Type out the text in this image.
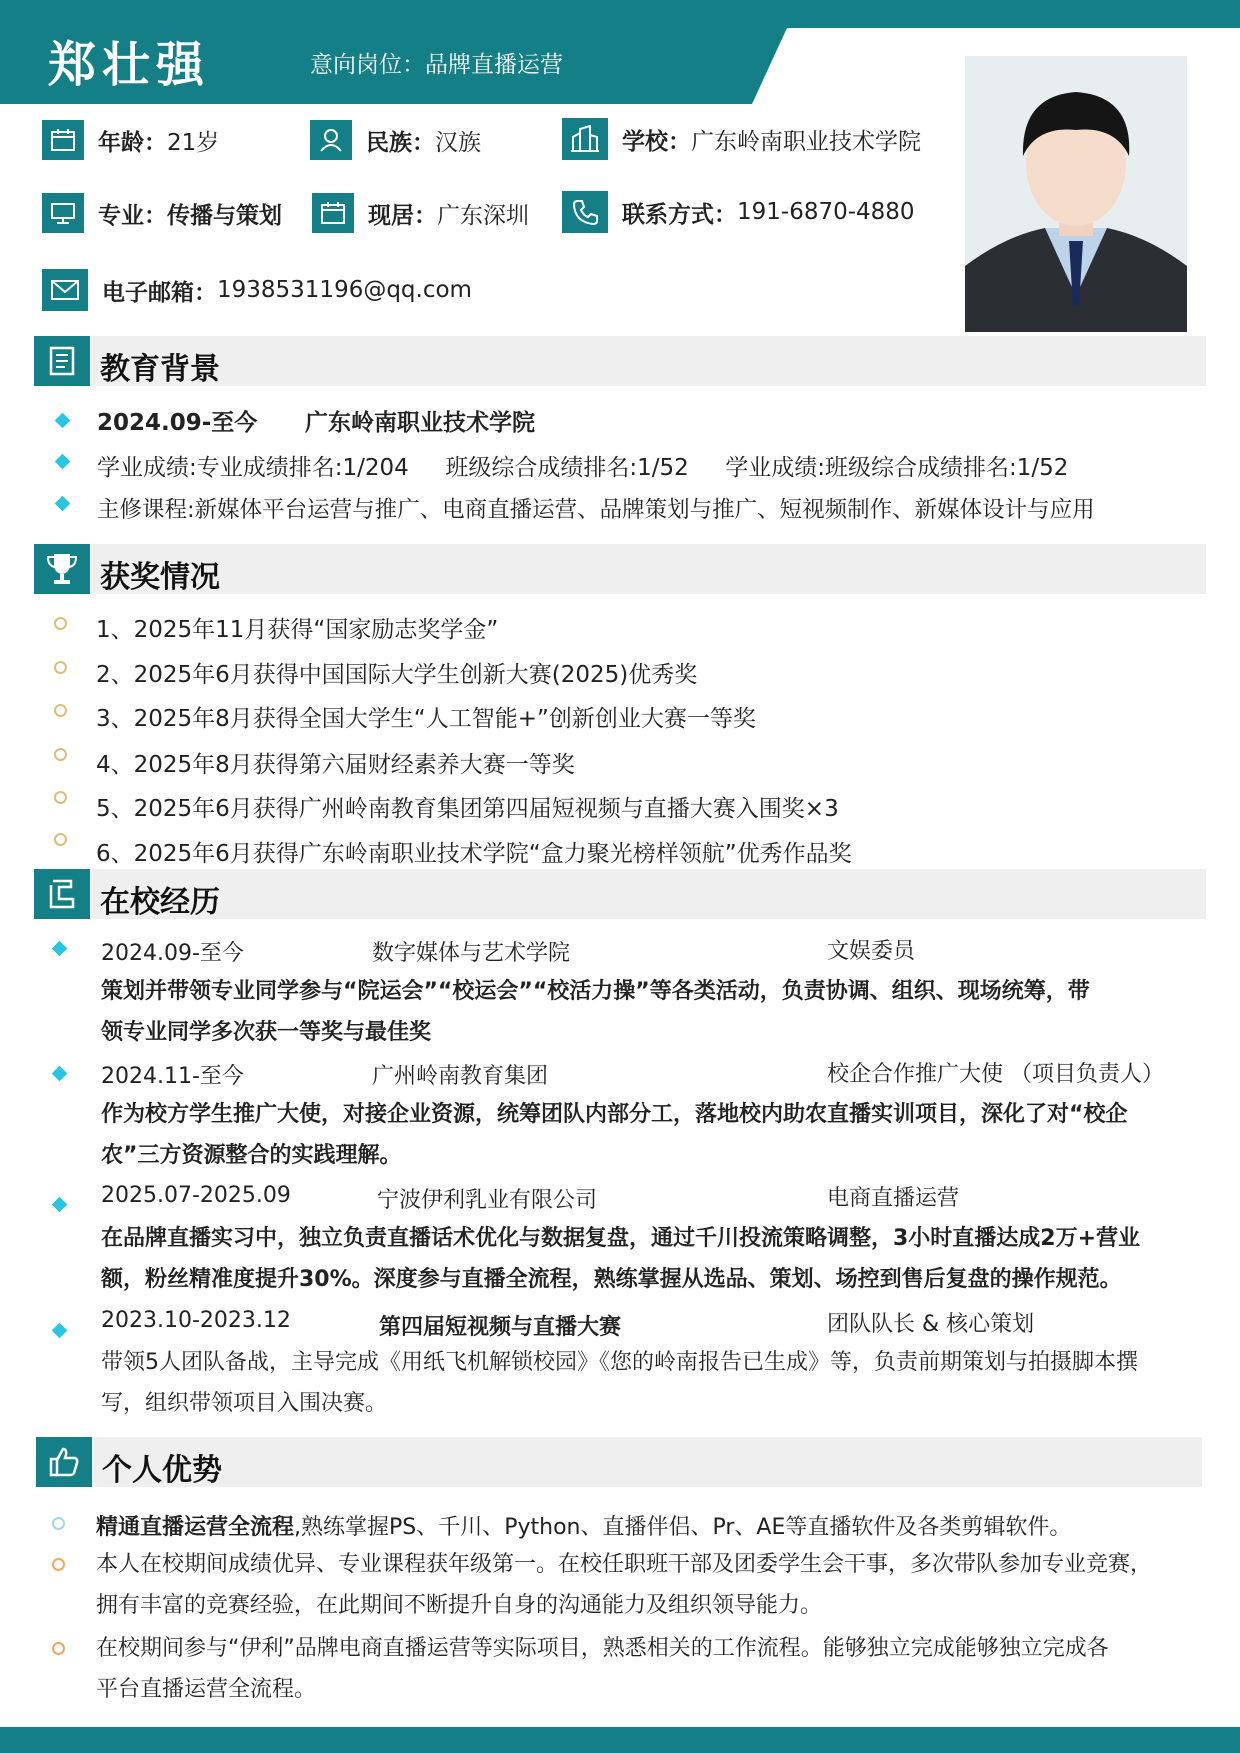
郑壮强	意向岗位：品牌直播运营
年龄： 21岁	民族： 汉族	学校： 广东岭南职业技术学院
专业： 传播与策划	现居： 广东深圳	联系方式： 191-6870-4880
电子邮箱： 1938531196@qq.com
教育背景
2024.09-至今 广东岭南职业技术学院
学业成绩:专业成绩排名:1/204     班级综合成绩排名:1/52     学业成绩:班级综合成绩排名:1/52
主修课程:新媒体平台运营与推广、电商直播运营、品牌策划与推广、短视频制作、新媒体设计与应用
获奖情况
1、2025年11月获得“国家励志奖学金”
2、2025年6月获得中国国际大学生创新大赛(2025)优秀奖
3、2025年8月获得全国大学生“人工智能+”创新创业大赛一等奖
4、2025年8月获得第六届财经素养大赛一等奖
5、2025年6月获得广州岭南教育集团第四届短视频与直播大赛入围奖×3
6、2025年6月获得广东岭南职业技术学院“盒力聚光榜样领航”优秀作品奖
在校经历
2024.09-至今	数字媒体与艺术学院	文娱委员
策划并带领专业同学参与“院运会”“校运会”“校活力操”等各类活动，负责协调、组织、现场统筹，带
领专业同学多次获一等奖与最佳奖
2024.11-至今	广州岭南教育集团	校企合作推广大使 （项目负责人）
作为校方学生推广大使，对接企业资源，统筹团队内部分工，落地校内助农直播实训项目，深化了对“校企
农”三方资源整合的实践理解。
2025.07-2025.09	宁波伊利乳业有限公司	电商直播运营
在品牌直播实习中，独立负责直播话术优化与数据复盘，通过千川投流策略调整，3小时直播达成2万+营业
额，粉丝精准度提升30%。深度参与直播全流程，熟练掌握从选品、策划、场控到售后复盘的操作规范。
2023.10-2023.12	第四届短视频与直播大赛	团队队长 & 核心策划
带领5人团队备战，主导完成《用纸飞机解锁校园》《您的岭南报告已生成》等，负责前期策划与拍摄脚本撰
写，组织带领项目入围决赛。
个人优势
精通直播运营全流程,熟练掌握PS、千川、Python、直播伴侣、Pr、AE等直播软件及各类剪辑软件。
本人在校期间成绩优异、专业课程获年级第一。在校任职班干部及团委学生会干事，多次带队参加专业竞赛，
拥有丰富的竞赛经验，在此期间不断提升自身的沟通能力及组织领导能力。
在校期间参与“伊利”品牌电商直播运营等实际项目，熟悉相关的工作流程。能够独立完成能够独立完成各
平台直播运营全流程。
